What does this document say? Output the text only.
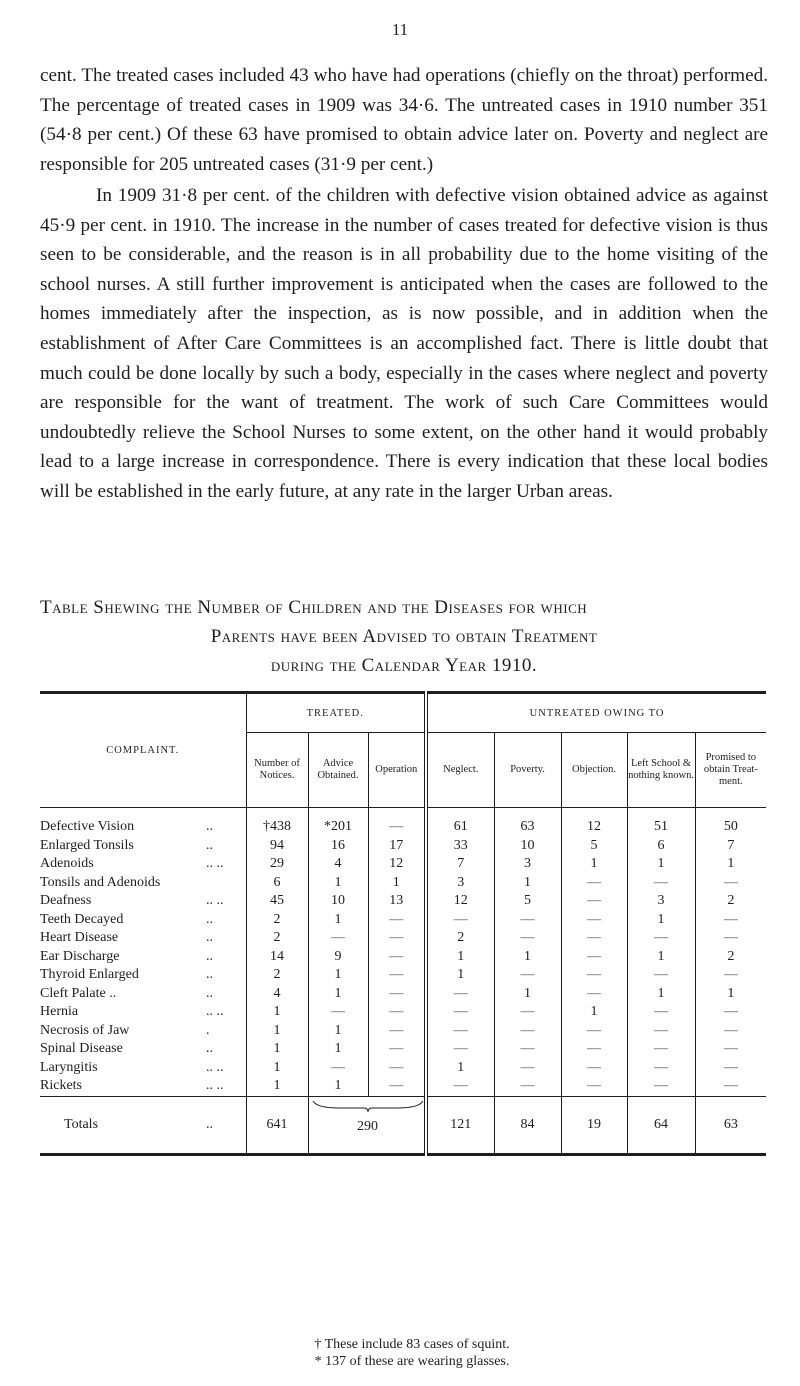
11

cent. The treated cases included 43 who have had operations (chiefly on the throat) performed. The percentage of treated cases in 1909 was 34·6. The untreated cases in 1910 number 351 (54·8 per cent.) Of these 63 have promised to obtain advice later on. Poverty and neglect are responsible for 205 untreated cases (31·9 per cent.)

In 1909 31·8 per cent. of the children with defective vision obtained advice as against 45·9 per cent. in 1910. The increase in the number of cases treated for defective vision is thus seen to be considerable, and the reason is in all probability due to the home visiting of the school nurses. A still further improvement is anticipated when the cases are followed to the homes immediately after the inspection, as is now possible, and in addition when the establishment of After Care Committees is an accomplished fact. There is little doubt that much could be done locally by such a body, especially in the cases where neglect and poverty are responsible for the want of treatment. The work of such Care Committees would undoubtedly relieve the School Nurses to some extent, on the other hand it would probably lead to a large increase in correspondence. There is every indication that these local bodies will be established in the early future, at any rate in the larger Urban areas.

Table Shewing the Number of Children and the Diseases for which
Parents have been Advised to obtain Treatment
during the Calendar Year 1910.
COMPLAINT.	TREATED.			UNTREATED OWING TO				
	Number of Notices.	Advice Obtained.	Operation	Neglect.	Poverty.	Objection.	Left School & nothing known.	Promised to obtain Treat- ment.
Defective Vision ..	†438	*201	—	61	63	12	51	50
Enlarged Tonsils ..	94	16	17	33	10	5	6	7
Adenoids .. ..	29	4	12	7	3	1	1	1
Tonsils and Adenoids	6	1	1	3	1	—	—	—
Deafness .. ..	45	10	13	12	5	—	3	2
Teeth Decayed ..	2	1	—	—	—	—	1	—
Heart Disease ..	2	—	—	2	—	—	—	—
Ear Discharge ..	14	9	—	1	1	—	1	2
Thyroid Enlarged ..	2	1	—	1	—	—	—	—
Cleft Palate .. ..	4	1	—	—	1	—	1	1
Hernia .. ..	1	—	—	—	—	1	—	—
Necrosis of Jaw .	1	1	—	—	—	—	—	—
Spinal Disease ..	1	1	—	—	—	—	—	—
Laryngitis .. ..	1	—	—	1	—	—	—	—
Rickets .. ..	1	1	—	—	—	—	—	—
Totals ..	641	290		121	84	19	64	63
† These include 83 cases of squint.
* 137 of these are wearing glasses.
